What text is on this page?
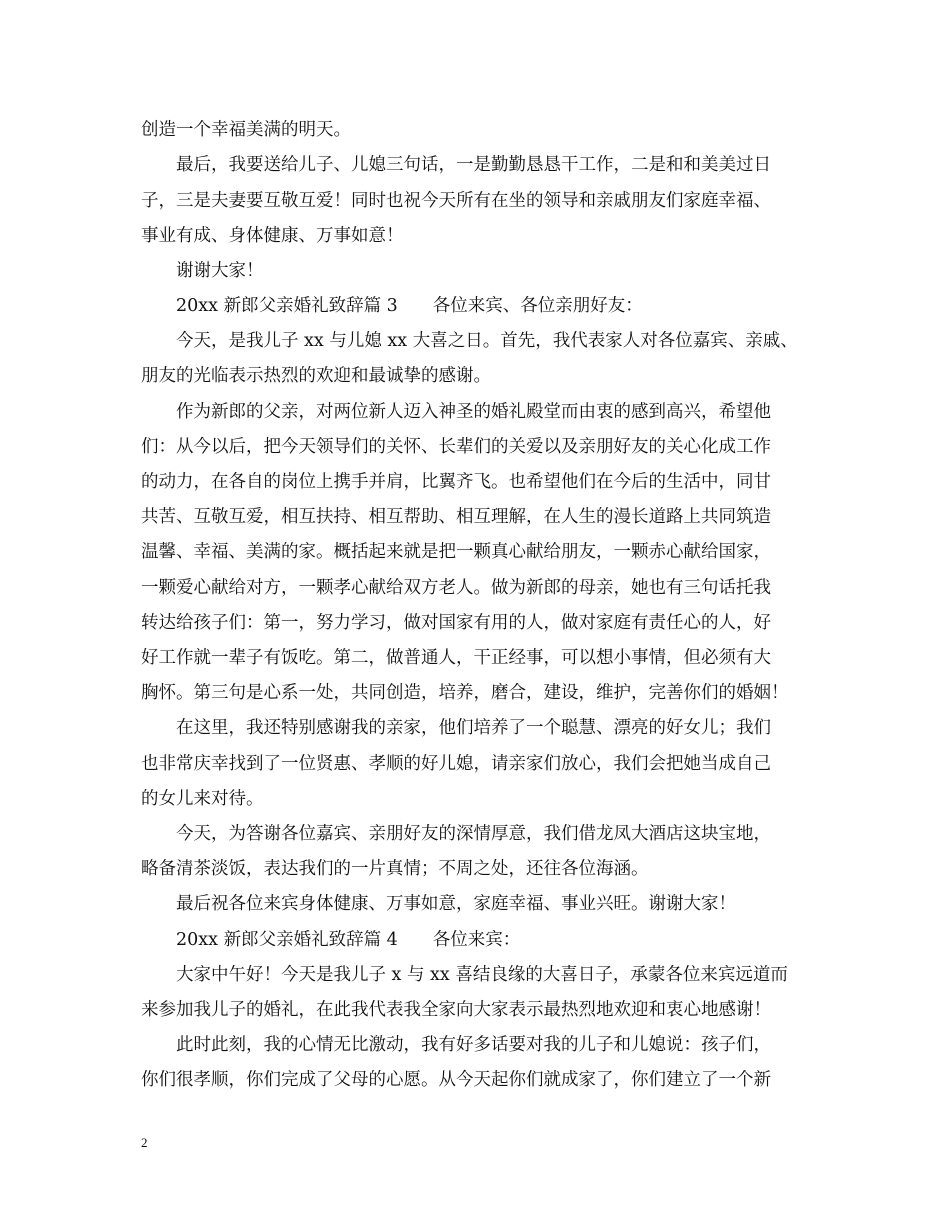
创造一个幸福美满的明天。
最后，我要送给儿子、儿媳三句话，一是勤勤恳恳干工作，二是和和美美过日
子，三是夫妻要互敬互爱！同时也祝今天所有在坐的领导和亲戚朋友们家庭幸福、
事业有成、身体健康、万事如意！
谢谢大家！
20xx 新郎父亲婚礼致辞篇 3　　各位来宾、各位亲朋好友：
今天，是我儿子 xx 与儿媳 xx 大喜之日。首先，我代表家人对各位嘉宾、亲戚、
朋友的光临表示热烈的欢迎和最诚挚的感谢。
作为新郎的父亲，对两位新人迈入神圣的婚礼殿堂而由衷的感到高兴，希望他
们：从今以后，把今天领导们的关怀、长辈们的关爱以及亲朋好友的关心化成工作
的动力，在各自的岗位上携手并肩，比翼齐飞。也希望他们在今后的生活中，同甘
共苦、互敬互爱，相互扶持、相互帮助、相互理解，在人生的漫长道路上共同筑造
温馨、幸福、美满的家。概括起来就是把一颗真心献给朋友，一颗赤心献给国家，
一颗爱心献给对方，一颗孝心献给双方老人。做为新郎的母亲，她也有三句话托我
转达给孩子们：第一，努力学习，做对国家有用的人，做对家庭有责任心的人，好
好工作就一辈子有饭吃。第二，做普通人，干正经事，可以想小事情，但必须有大
胸怀。第三句是心系一处，共同创造，培养，磨合，建设，维护，完善你们的婚姻！
在这里，我还特别感谢我的亲家，他们培养了一个聪慧、漂亮的好女儿；我们
也非常庆幸找到了一位贤惠、孝顺的好儿媳，请亲家们放心，我们会把她当成自己
的女儿来对待。
今天，为答谢各位嘉宾、亲朋好友的深情厚意，我们借龙凤大酒店这块宝地，
略备清茶淡饭，表达我们的一片真情；不周之处，还往各位海涵。
最后祝各位来宾身体健康、万事如意，家庭幸福、事业兴旺。谢谢大家！
20xx 新郎父亲婚礼致辞篇 4　　各位来宾：
大家中午好！今天是我儿子 x 与 xx 喜结良缘的大喜日子，承蒙各位来宾远道而
来参加我儿子的婚礼，在此我代表我全家向大家表示最热烈地欢迎和衷心地感谢！
此时此刻，我的心情无比激动，我有好多话要对我的儿子和儿媳说：孩子们，
你们很孝顺，你们完成了父母的心愿。从今天起你们就成家了，你们建立了一个新
2
